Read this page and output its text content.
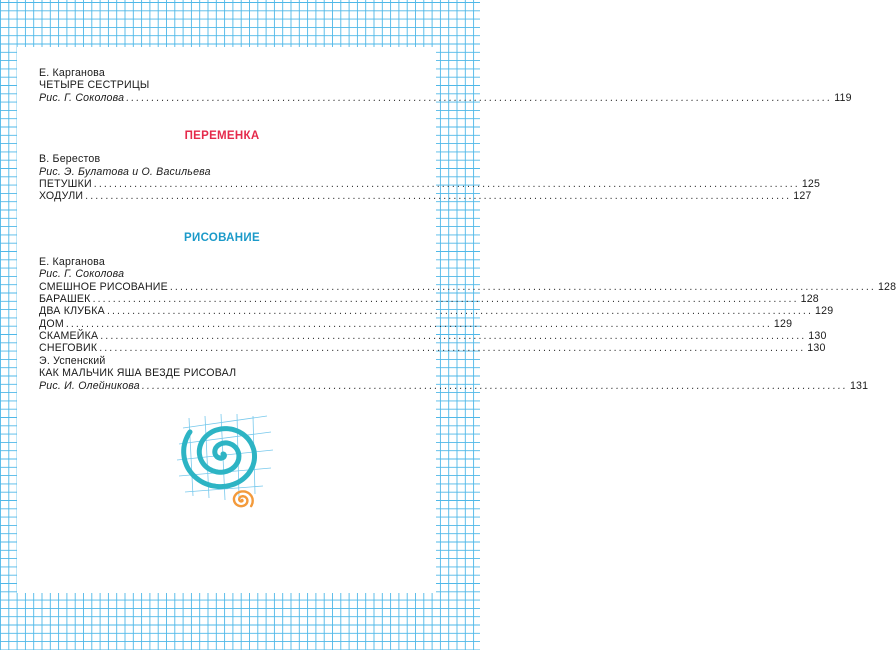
Е. Карганова
ЧЕТЫРЕ СЕСТРИЦЫ
Рис. Г. Соколова ............................................................................................................................................ 119
ПЕРЕМЕНКА
В. Берестов
Рис. Э. Булатова и О. Васильева
ПЕТУШКИ ............................................................................................................................................ 125
ХОДУЛИ ............................................................................................................................................ 127
РИСОВАНИЕ
Е. Карганова
Рис. Г. Соколова
СМЕШНОЕ РИСОВАНИЕ ............................................................................................................................................ 128
БАРАШЕК ............................................................................................................................................ 128
ДВА КЛУБКА ............................................................................................................................................ 129
ДОМ ............................................................................................................................................ 129
СКАМЕЙКА ............................................................................................................................................ 130
СНЕГОВИК ............................................................................................................................................ 130
Э. Успенский
КАК МАЛЬЧИК ЯША ВЕЗДЕ РИСОВАЛ
Рис. И. Олейникова ............................................................................................................................................ 131
